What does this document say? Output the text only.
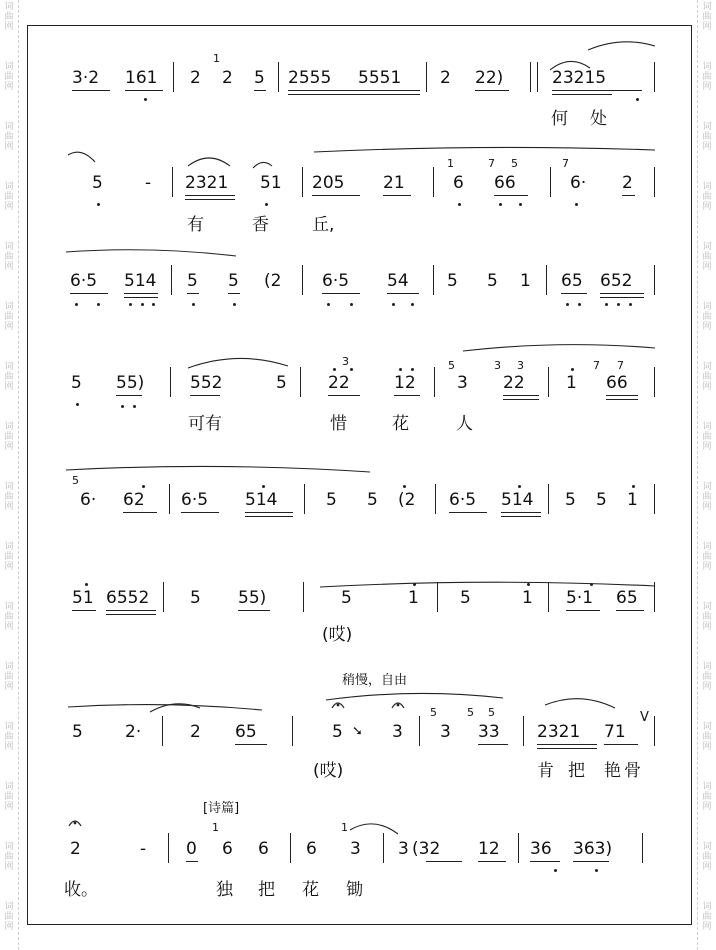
词
曲
网
词
曲
网
词
曲
网
词
曲
网
词
曲
网
词
曲
网
词
曲
网
词
曲
网
词
曲
网
词
曲
网
词
曲
网
词
曲
网
词
曲
网
词
曲
网
词
曲
网
词
曲
网
词
曲
网
词
曲
网
词
曲
网
词
曲
网
词
曲
网
词
曲
网
词
曲
网
词
曲
网
词
曲
网
词
曲
网
词
曲
网
词
曲
网
词
曲
网
词
曲
网
词
曲
网
词
曲
网
3·2 161 2
1
2 5 2555 5551 2 22)	23215
何 处
5 - 2321 51 205 21
1
6
7 5
66
7
6· 2
有	香	丘,
6·5 514 5 5 (2 6·5 54 5 5 1 65 652
5 55)	552	5
3
22	12
5
3
3 3
22 1
7 7
66
可有	惜	花	人
5
6· 62 6·5 514	5 5 (2 6·5 514 5 5 1
51 6552 5 55)	5	1 5	1 5·1 65
(哎)
稍慢，自由
5 2·	2 65	5 ➘ 3
5
3
5 5
33 2321 71
V
(哎)	肯 把 艳 骨
[诗篇]
2	- 0
1
6 6 6
1
3 3 (32 12 36 363)
收。	独 把 花 锄
